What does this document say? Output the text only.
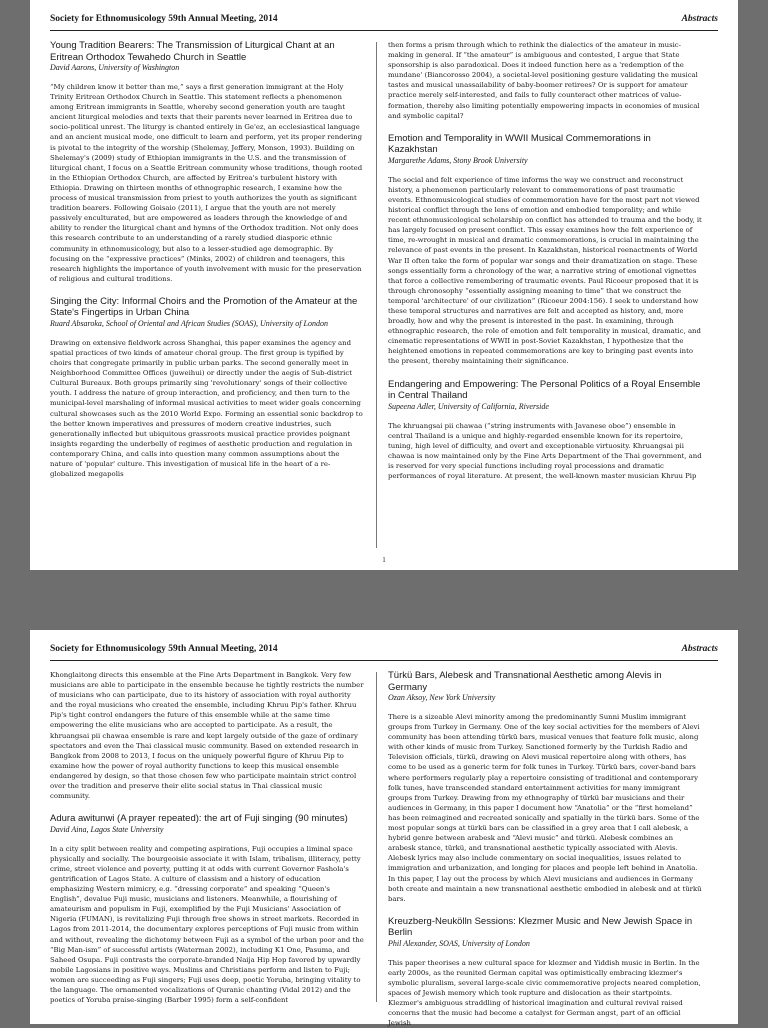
Society for Ethnomusicology 59th Annual Meeting, 2014	Abstracts

Young Tradition Bearers: The Transmission of Liturgical Chant at an Eritrean Orthodox Tewahedo Church in Seattle

David Aarons, University of Washington

“My children know it better than me,” says a first generation immigrant at the Holy Trinity Eritrean Orthodox Church in Seattle. This statement reflects a phenomenon among Eritrean immigrants in Seattle, whereby second generation youth are taught ancient liturgical melodies and texts that their parents never learned in Eritrea due to socio-political unrest. The liturgy is chanted entirely in Ge'ez, an ecclesiastical language and an ancient musical mode, one difficult to learn and perform, yet its proper rendering is pivotal to the integrity of the worship (Shelemay, Jeffery, Monson, 1993). Building on Shelemay's (2009) study of Ethiopian immigrants in the U.S. and the transmission of liturgical chant, I focus on a Seattle Eritrean community whose traditions, though rooted in the Ethiopian Orthodox Church, are affected by Eritrea's turbulent history with Ethiopia. Drawing on thirteen months of ethnographic research, I examine how the process of musical transmission from priest to youth authorizes the youth as significant tradition bearers. Following Goisaio (2011), I argue that the youth are not merely passively enculturated, but are empowered as leaders through the knowledge of and ability to render the liturgical chant and hymns of the Orthodox tradition. Not only does this research contribute to an understanding of a rarely studied diasporic ethnic community in ethnomusicology, but also to a lesser-studied age demographic. By focusing on the “expressive practices” (Minks, 2002) of children and teenagers, this research highlights the importance of youth involvement with music for the preservation of religious and cultural traditions.

Singing the City: Informal Choirs and the Promotion of the Amateur at the State's Fingertips in Urban China

Ruard Absaroka, School of Oriental and African Studies (SOAS), University of London

Drawing on extensive fieldwork across Shanghai, this paper examines the agency and spatial practices of two kinds of amateur choral group. The first group is typified by choirs that congregate primarily in public urban parks. The second generally meet in Neighborhood Committee Offices (juweihui) or directly under the aegis of Sub-district Cultural Bureaux. Both groups primarily sing 'revolutionary' songs of their collective youth. I address the nature of group interaction, and proficiency, and then turn to the municipal-level marshaling of informal musical activities to meet wider goals concerning cultural showcases such as the 2010 World Expo. Forming an essential sonic backdrop to the better known imperatives and pressures of modern creative industries, such generationally inflected but ubiquitous grassroots musical practice provides poignant insights regarding the underbelly of regimes of aesthetic production and regulation in contemporary China, and calls into question many common assumptions about the nature of 'popular' culture. This investigation of musical life in the heart of a re-globalized megapolis

then forms a prism through which to rethink the dialectics of the amateur in music-making in general. If “the amateur” is ambiguous and contested, I argue that State sponsorship is also paradoxical. Does it indeed function here as a 'redemption of the mundane' (Biancorosso 2004), a societal-level positioning gesture validating the musical tastes and musical unassailability of baby-boomer retirees? Or is support for amateur practice merely self-interested, and fails to fully counteract other matrices of value-formation, thereby also limiting potentially empowering impacts in economies of musical and symbolic capital?

Emotion and Temporality in WWII Musical Commemorations in Kazakhstan

Margarethe Adams, Stony Brook University

The social and felt experience of time informs the way we construct and reconstruct history, a phenomenon particularly relevant to commemorations of past traumatic events. Ethnomusicological studies of commemoration have for the most part not viewed historical conflict through the lens of emotion and embodied temporality; and while recent ethnomusicological scholarship on conflict has attended to trauma and the body, it has largely focused on present conflict. This essay examines how the felt experience of time, re-wrought in musical and dramatic commemorations, is crucial in maintaining the relevance of past events in the present. In Kazakhstan, historical reenactments of World War II often take the form of popular war songs and their dramatization on stage. These songs essentially form a chronology of the war, a narrative string of emotional vignettes that force a collective remembering of traumatic events. Paul Ricoeur proposed that it is through chronosophy “essentially assigning meaning to time” that we construct the temporal 'architecture' of our civilization” (Ricoeur 2004:156). I seek to understand how these temporal structures and narratives are felt and accepted as history, and, more broadly, how and why the present is interested in the past. In examining, through ethnographic research, the role of emotion and felt temporality in musical, dramatic, and cinematic representations of WWII in post-Soviet Kazakhstan, I hypothesize that the heightened emotions in repeated commemorations are key to bringing past events into the present, thereby maintaining their significance.

Endangering and Empowering: The Personal Politics of a Royal Ensemble in Central Thailand

Supeena Adler, University of California, Riverside

The khruangsai pii chawaa (“string instruments with Javanese oboe”) ensemble in central Thailand is a unique and highly-regarded ensemble known for its repertoire, tuning, high level of difficulty, and overt and exceptionable virtuosity. Khruangsai pii chawaa is now maintained only by the Fine Arts Department of the Thai government, and is reserved for very special functions including royal processions and dramatic performances of royal literature. At present, the well-known master musician Khruu Pip

1
Society for Ethnomusicology 59th Annual Meeting, 2014	Abstracts

Khonglaitong directs this ensemble at the Fine Arts Department in Bangkok. Very few musicians are able to participate in the ensemble because he tightly restricts the number of musicians who can participate, due to its history of association with royal authority and the royal musicians who created the ensemble, including Khruu Pip's father. Khruu Pip's tight control endangers the future of this ensemble while at the same time empowering the elite musicians who are accepted to participate. As a result, the khruangsai pii chawaa ensemble is rare and kept largely outside of the gaze of ordinary spectators and even the Thai classical music community. Based on extended research in Bangkok from 2008 to 2013, I focus on the uniquely powerful figure of Khruu Pip to examine how the power of royal authority functions to keep this musical ensemble endangered by design, so that those chosen few who participate maintain strict control over the tradition and preserve their elite social status in Thai classical music community.

Adura awitunwi (A prayer repeated): the art of Fuji singing (90 minutes)

David Aina, Lagos State University

In a city split between reality and competing aspirations, Fuji occupies a liminal space physically and socially. The bourgeoisie associate it with Islam, tribalism, illiteracy, petty crime, street violence and poverty, putting it at odds with current Governor Fashola's gentrification of Lagos State. A culture of classism and a history of education emphasizing Western mimicry, e.g. “dressing corporate” and speaking “Queen's English”, devalue Fuji music, musicians and listeners. Meanwhile, a flourishing of amateurism and populism in Fuji, exemplified by the Fuji Musicians' Association of Nigeria (FUMAN), is revitalizing Fuji through free shows in street markets. Recorded in Lagos from 2011-2014, the documentary explores perceptions of Fuji music from within and without, revealing the dichotomy between Fuji as a symbol of the urban poor and the “Big Man-ism” of successful artists (Waterman 2002), including K1 One, Pasuma, and Saheed Osupa. Fuji contrasts the corporate-branded Naija Hip Hop favored by upwardly mobile Lagosians in positive ways. Muslims and Christians perform and listen to Fuji; women are succeeding as Fuji singers; Fuji uses deep, poetic Yoruba, bringing vitality to the language. The ornamented vocalizations of Quranic chanting (Vidal 2012) and the poetics of Yoruba praise-singing (Barber 1995) form a self-confident

Türkü Bars, Alebesk and Transnational Aesthetic among Alevis in Germany

Ozan Aksoy, New York University

There is a sizeable Alevi minority among the predominantly Sunni Muslim immigrant groups from Turkey in Germany. One of the key social activities for the members of Alevi community has been attending türkü bars, musical venues that feature folk music, along with other kinds of music from Turkey. Sanctioned formerly by the Turkish Radio and Television officials, türkü, drawing on Alevi musical repertoire along with others, has come to be used as a generic term for folk tunes in Turkey. Türkü bars, cover-band bars where performers regularly play a repertoire consisting of traditional and contemporary folk tunes, have transcended standard entertainment activities for many immigrant groups from Turkey. Drawing from my ethnography of türkü bar musicians and their audiences in Germany, in this paper I document how “Anatolia” or the “first homeland” has been reimagined and recreated sonically and spatially in the türkü bars. Some of the most popular songs at türkü bars can be classified in a grey area that I call alebesk, a hybrid genre between arabesk and “Alevi music” and türkü. Alebesk combines an arabesk stance, türkü, and transnational aesthetic typically associated with Alevis. Alebesk lyrics may also include commentary on social inequalities, issues related to immigration and urbanization, and longing for places and people left behind in Anatolia. In this paper, I lay out the process by which Alevi musicians and audiences in Germany both create and maintain a new transnational aesthetic embodied in alebesk and at türkü bars.

Kreuzberg-Neukölln Sessions: Klezmer Music and New Jewish Space in Berlin

Phil Alexander, SOAS, University of London

This paper theorises a new cultural space for klezmer and Yiddish music in Berlin. In the early 2000s, as the reunited German capital was optimistically embracing klezmer's symbolic pluralism, several large-scale civic commemorative projects neared completion, spaces of Jewish memory which took rupture and dislocation as their startpoints. Klezmer's ambiguous straddling of historical imagination and cultural revival raised concerns that the music had become a catalyst for German angst, part of an official Jewish
